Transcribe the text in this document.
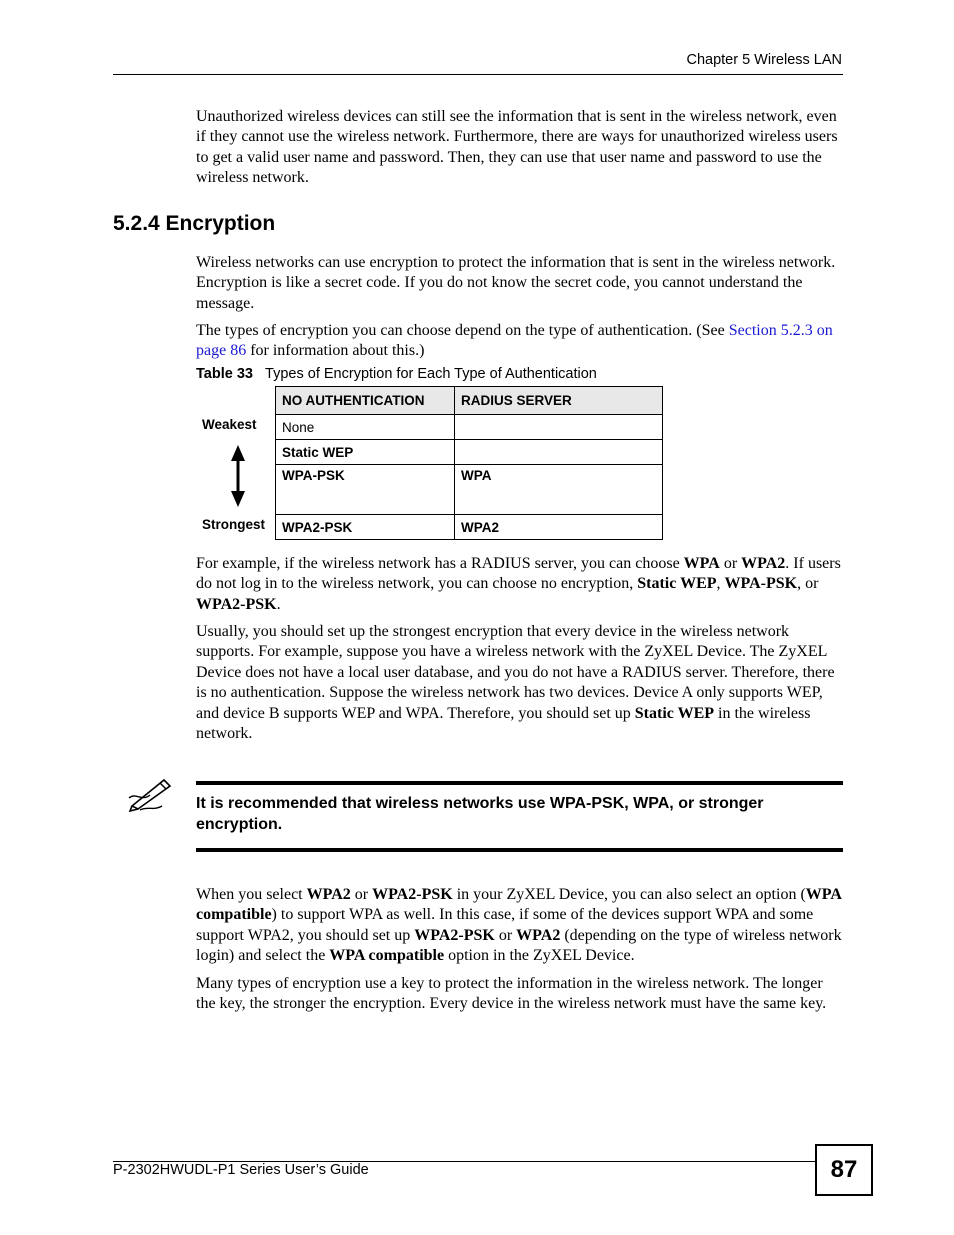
Chapter 5 Wireless LAN

Unauthorized wireless devices can still see the information that is sent in the wireless network, even if they cannot use the wireless network. Furthermore, there are ways for unauthorized wireless users to get a valid user name and password. Then, they can use that user name and password to use the wireless network.

5.2.4 Encryption

Wireless networks can use encryption to protect the information that is sent in the wireless network. Encryption is like a secret code. If you do not know the secret code, you cannot understand the message.

The types of encryption you can choose depend on the type of authentication. (See Section 5.2.3 on page 86 for information about this.)

Table 33 Types of Encryption for Each Type of Authentication
Weakest
Strongest
NO AUTHENTICATION	RADIUS SERVER
None	
Static WEP	
WPA-PSK	WPA
WPA2-PSK	WPA2

For example, if the wireless network has a RADIUS server, you can choose WPA or WPA2. If users do not log in to the wireless network, you can choose no encryption, Static WEP, WPA-PSK, or WPA2-PSK.

Usually, you should set up the strongest encryption that every device in the wireless network supports. For example, suppose you have a wireless network with the ZyXEL Device. The ZyXEL Device does not have a local user database, and you do not have a RADIUS server. Therefore, there is no authentication. Suppose the wireless network has two devices. Device A only supports WEP, and device B supports WEP and WPA. Therefore, you should set up Static WEP in the wireless network.

It is recommended that wireless networks use WPA-PSK, WPA, or stronger encryption.

When you select WPA2 or WPA2-PSK in your ZyXEL Device, you can also select an option (WPA compatible) to support WPA as well. In this case, if some of the devices support WPA and some support WPA2, you should set up WPA2-PSK or WPA2 (depending on the type of wireless network login) and select the WPA compatible option in the ZyXEL Device.

Many types of encryption use a key to protect the information in the wireless network. The longer the key, the stronger the encryption. Every device in the wireless network must have the same key.

P-2302HWUDL-P1 Series User’s Guide	87
